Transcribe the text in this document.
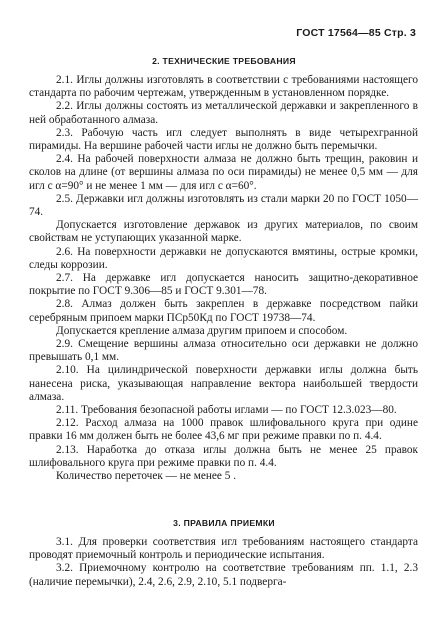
ГОСТ 17564—85 Стр. 3
2. ТЕХНИЧЕСКИЕ ТРЕБОВАНИЯ

2.1. Иглы должны изготовлять в соответствии с требованиями настоящего стандарта по рабочим чертежам, утвержденным в установленном порядке.

2.2. Иглы должны состоять из металлической державки и закрепленного в ней обработанного алмаза.

2.3. Рабочую часть игл следует выполнять в виде четырехгранной пирамиды. На вершине рабочей части иглы не должно быть перемычки.

2.4. На рабочей поверхности алмаза не должно быть трещин, раковин и сколов на длине (от вершины алмаза по оси пирамиды) не менее 0,5 мм — для игл с α=90° и не менее 1 мм — для игл с α=60°.

2.5. Державки игл должны изготовлять из стали марки 20 по ГОСТ 1050—74.

Допускается изготовление державок из других материалов, по своим свойствам не уступающих указанной марке.

2.6. На поверхности державки не допускаются вмятины, острые кромки, следы коррозии.

2.7. На державке игл допускается наносить защитно-декоративное покрытие по ГОСТ 9.306—85 и ГОСТ 9.301—78.

2.8. Алмаз должен быть закреплен в державке посредством пайки серебряным припоем марки ПСр50Кд по ГОСТ 19738—74.

Допускается крепление алмаза другим припоем и способом.

2.9. Смещение вершины алмаза относительно оси державки не должно превышать 0,1 мм.

2.10. На цилиндрической поверхности державки иглы должна быть нанесена риска, указывающая направление вектора наибольшей твердости алмаза.

2.11. Требования безопасной работы иглами — по ГОСТ 12.3.023—80.

2.12. Расход алмаза на 1000 правок шлифовального круга при одине правки 16 мм должен быть не более 43,6 мг при режиме правки по п. 4.4.

2.13. Наработка до отказа иглы должна быть не менее 25 правок шлифовального круга при режиме правки по п. 4.4.

Количество переточек — не менее 5 .

3. ПРАВИЛА ПРИЕМКИ

3.1. Для проверки соответствия игл требованиям настоящего стандарта проводят приемочный контроль и периодические испытания.

3.2. Приемочному контролю на соответствие требованиям пп. 1.1, 2.3 (наличие перемычки), 2.4, 2.6, 2.9, 2.10, 5.1 подверга-
